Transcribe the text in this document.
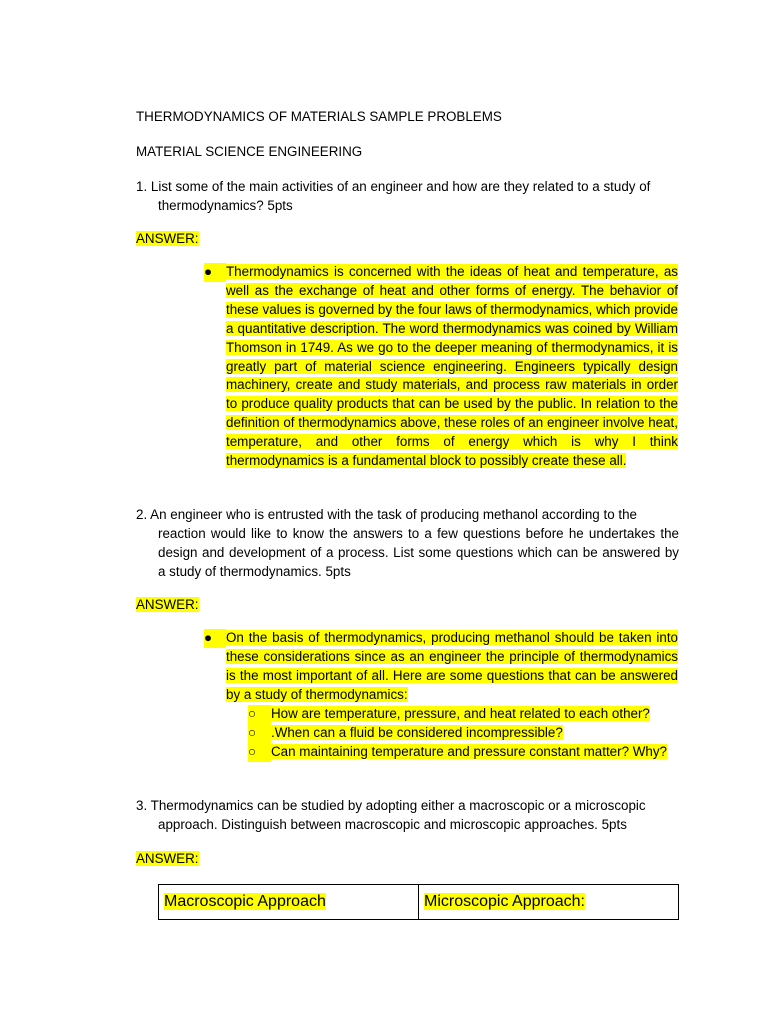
THERMODYNAMICS OF MATERIALS SAMPLE PROBLEMS
MATERIAL SCIENCE ENGINEERING
1. List some of the main activities of an engineer and how are they related to a study of
thermodynamics? 5pts
ANSWER:
●	Thermodynamics is concerned with the ideas of heat and temperature, as well as the exchange of heat and other forms of energy. The behavior of these values is governed by the four laws of thermodynamics, which provide a quantitative description. The word thermodynamics was coined by William Thomson in 1749. As we go to the deeper meaning of thermodynamics, it is greatly part of material science engineering. Engineers typically design machinery, create and study materials, and process raw materials in order to produce quality products that can be used by the public. In relation to the definition of thermodynamics above, these roles of an engineer involve heat, temperature, and other forms of energy which is why I think thermodynamics is a fundamental block to possibly create these all.
2. An engineer who is entrusted with the task of producing methanol according to the
reaction would like to know the answers to a few questions before he undertakes the design and development of a process. List some questions which can be answered by a study of thermodynamics. 5pts
ANSWER:
●	On the basis of thermodynamics, producing methanol should be taken into these considerations since as an engineer the principle of thermodynamics is the most important of all. Here are some questions that can be answered by a study of thermodynamics:
○	How are temperature, pressure, and heat related to each other?
○	.When can a fluid be considered incompressible?
○	Can maintaining temperature and pressure constant matter? Why?
3. Thermodynamics can be studied by adopting either a macroscopic or a microscopic
approach. Distinguish between macroscopic and microscopic approaches. 5pts
ANSWER:
Macroscopic Approach	Microscopic Approach:
